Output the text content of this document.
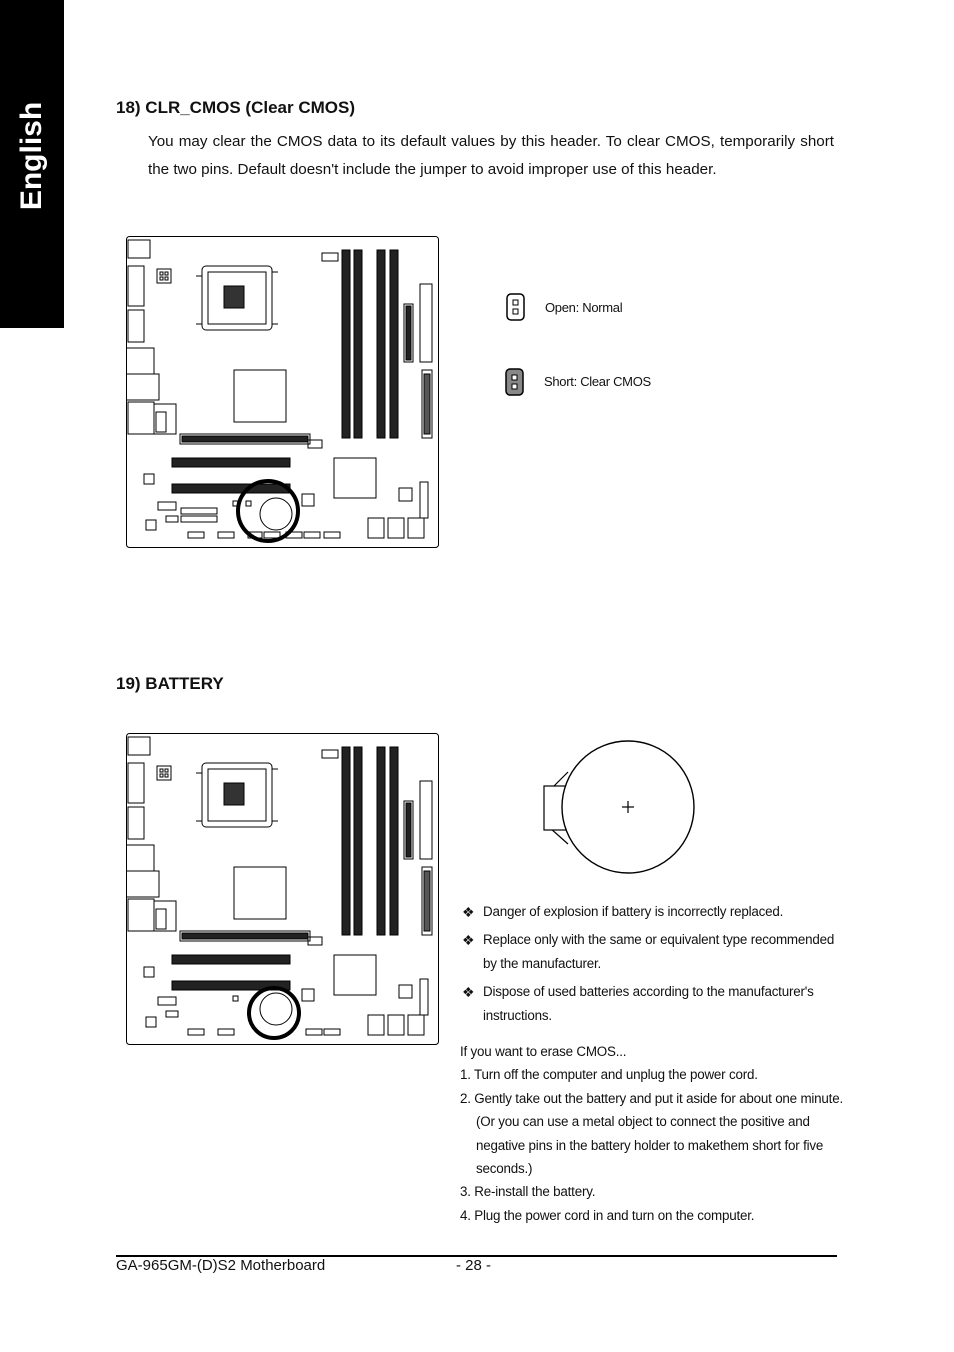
English	18) CLR_CMOS (Clear CMOS)

You may clear the CMOS data to its default values by this header. To clear CMOS, temporarily short the two pins. Default doesn't include the jumper to avoid improper use of this header.

Open: Normal
Short: Clear CMOS
19) BATTERY
❖ Danger of explosion if battery is incorrectly replaced.
❖ Replace only with the same or equivalent type recommended by the manufacturer.
❖ Dispose of used batteries according to the manufacturer's instructions.

If you want to erase CMOS...

1. Turn off the computer and unplug the power cord.

2. Gently take out the battery and put it aside for about one minute.

(Or you can use a metal object to connect the positive and negative pins in the battery holder to makethem short for five seconds.)

3. Re-install the battery.

4. Plug the power cord in and turn on the computer.

GA-965GM-(D)S2 Motherboard	- 28 -
